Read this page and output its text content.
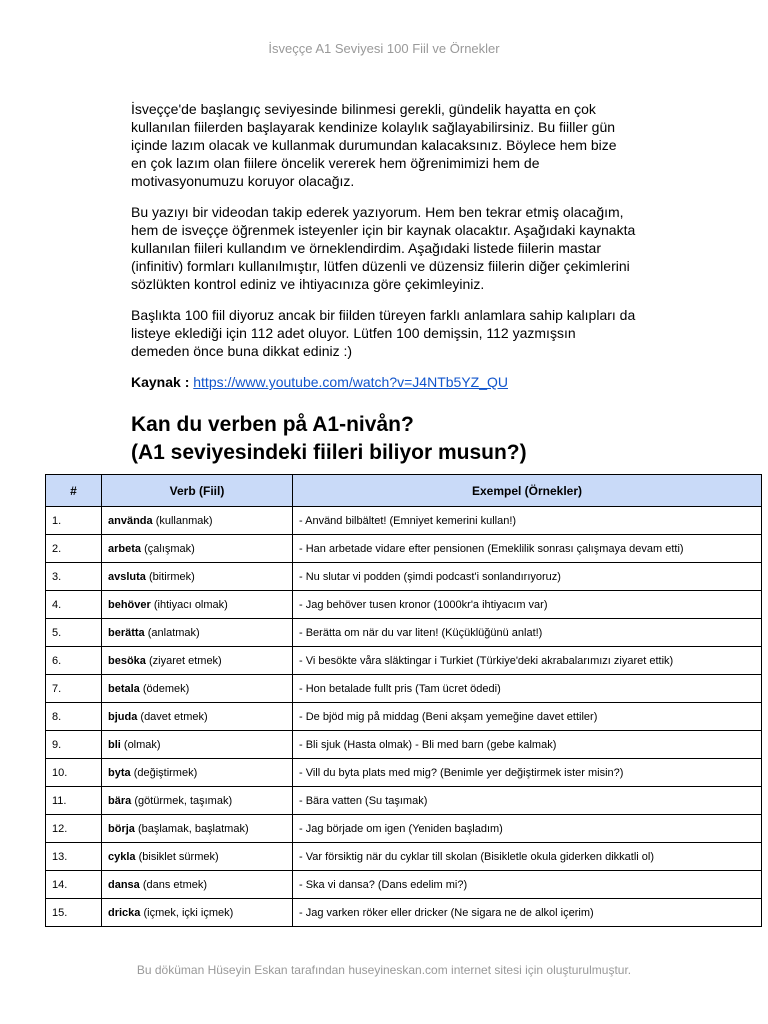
İsveççe A1 Seviyesi 100 Fiil ve Örnekler

İsveççe'de başlangıç seviyesinde bilinmesi gerekli, gündelik hayatta en çok kullanılan fiilerden başlayarak kendinize kolaylık sağlayabilirsiniz. Bu fiiller gün içinde lazım olacak ve kullanmak durumundan kalacaksınız. Böylece hem bize en çok lazım olan fiilere öncelik vererek hem öğrenimimizi hem de motivasyonumuzu koruyor olacağız.

Bu yazıyı bir videodan takip ederek yazıyorum. Hem ben tekrar etmiş olacağım, hem de isveççe öğrenmek isteyenler için bir kaynak olacaktır. Aşağıdaki kaynakta kullanılan fiileri kullandım ve örneklendirdim. Aşağıdaki listede fiilerin mastar (infinitiv) formları kullanılmıştır, lütfen düzenli ve düzensiz fiilerin diğer çekimlerini sözlükten kontrol ediniz ve ihtiyacınıza göre çekimleyiniz.

Başlıkta 100 fiil diyoruz ancak bir fiilden türeyen farklı anlamlara sahip kalıpları da listeye eklediği için 112 adet oluyor. Lütfen 100 demişsin, 112 yazmışsın demeden önce buna dikkat ediniz :)

Kaynak : https://www.youtube.com/watch?v=J4NTb5YZ_QU

Kan du verben på A1-nivån?
(A1 seviyesindeki fiileri biliyor musun?)
#	Verb (Fiil)	Exempel (Örnekler)
1.	använda (kullanmak)	- Använd bilbältet! (Emniyet kemerini kullan!)
2.	arbeta (çalışmak)	- Han arbetade vidare efter pensionen (Emeklilik sonrası çalışmaya devam etti)
3.	avsluta (bitirmek)	- Nu slutar vi podden (şimdi podcast'i sonlandırıyoruz)
4.	behöver (ihtiyacı olmak)	- Jag behöver tusen kronor (1000kr'a ihtiyacım var)
5.	berätta (anlatmak)	- Berätta om när du var liten! (Küçüklüğünü anlat!)
6.	besöka (ziyaret etmek)	- Vi besökte våra släktingar i Turkiet (Türkiye'deki akrabalarımızı ziyaret ettik)
7.	betala (ödemek)	- Hon betalade fullt pris (Tam ücret ödedi)
8.	bjuda (davet etmek)	- De bjöd mig på middag (Beni akşam yemeğine davet ettiler)
9.	bli (olmak)	- Bli sjuk (Hasta olmak) - Bli med barn (gebe kalmak)
10.	byta (değiştirmek)	- Vill du byta plats med mig? (Benimle yer değiştirmek ister misin?)
11.	bära (götürmek, taşımak)	- Bära vatten (Su taşımak)
12.	börja (başlamak, başlatmak)	- Jag började om igen (Yeniden başladım)
13.	cykla (bisiklet sürmek)	- Var försiktig när du cyklar till skolan (Bisikletle okula giderken dikkatli ol)
14.	dansa (dans etmek)	- Ska vi dansa? (Dans edelim mi?)
15.	dricka (içmek, içki içmek)	- Jag varken röker eller dricker (Ne sigara ne de alkol içerim)
Bu döküman Hüseyin Eskan tarafından huseyineskan.com internet sitesi için oluşturulmuştur.
